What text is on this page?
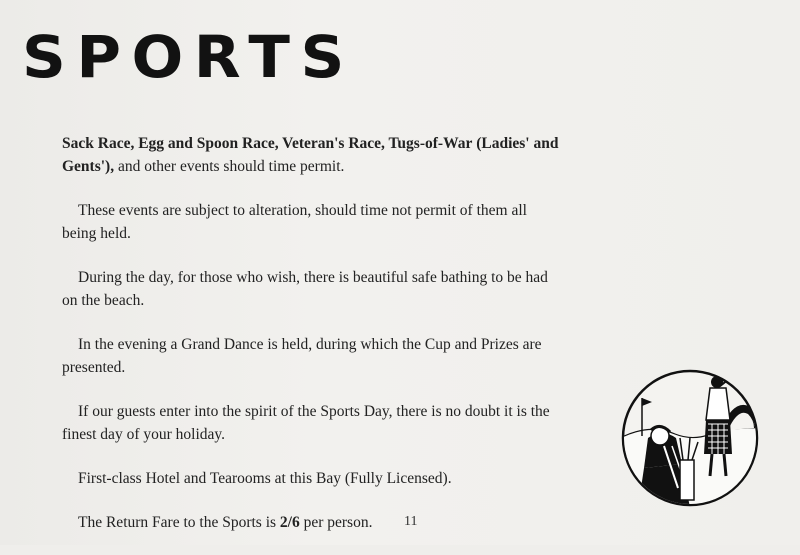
SPORTS

Sack Race, Egg and Spoon Race, Veteran's Race, Tugs-of-War (Ladies' and Gents'), and other events should time permit.

These events are subject to alteration, should time not permit of them all being held.

During the day, for those who wish, there is beautiful safe bathing to be had on the beach.

In the evening a Grand Dance is held, during which the Cup and Prizes are presented.

If our guests enter into the spirit of the Sports Day, there is no doubt it is the finest day of your holiday.

First-class Hotel and Tearooms at this Bay (Fully Licensed).

The Return Fare to the Sports is 2/6 per person.	11
